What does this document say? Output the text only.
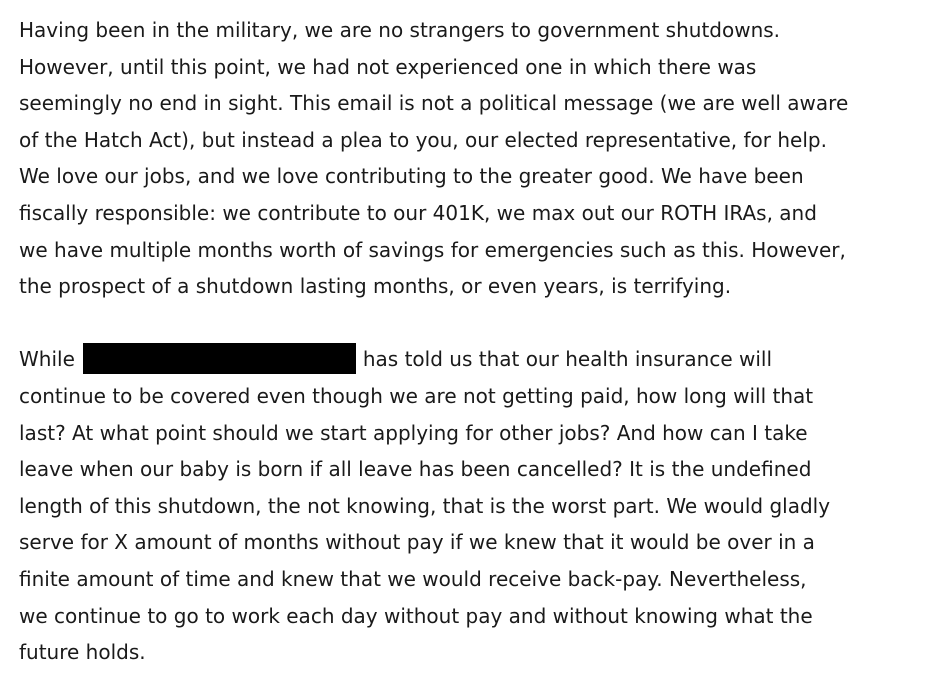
Having been in the military, we are no strangers to government shutdowns.
However, until this point, we had not experienced one in which there was
seemingly no end in sight. This email is not a political message (we are well aware
of the Hatch Act), but instead a plea to you, our elected representative, for help.
We love our jobs, and we love contributing to the greater good. We have been
fiscally responsible: we contribute to our 401K, we max out our ROTH IRAs, and
we have multiple months worth of savings for emergencies such as this. However,
the prospect of a shutdown lasting months, or even years, is terrifying.
While	has told us that our health insurance will
continue to be covered even though we are not getting paid, how long will that
last? At what point should we start applying for other jobs? And how can I take
leave when our baby is born if all leave has been cancelled? It is the undefined
length of this shutdown, the not knowing, that is the worst part. We would gladly
serve for X amount of months without pay if we knew that it would be over in a
finite amount of time and knew that we would receive back-pay. Nevertheless,
we continue to go to work each day without pay and without knowing what the
future holds.
